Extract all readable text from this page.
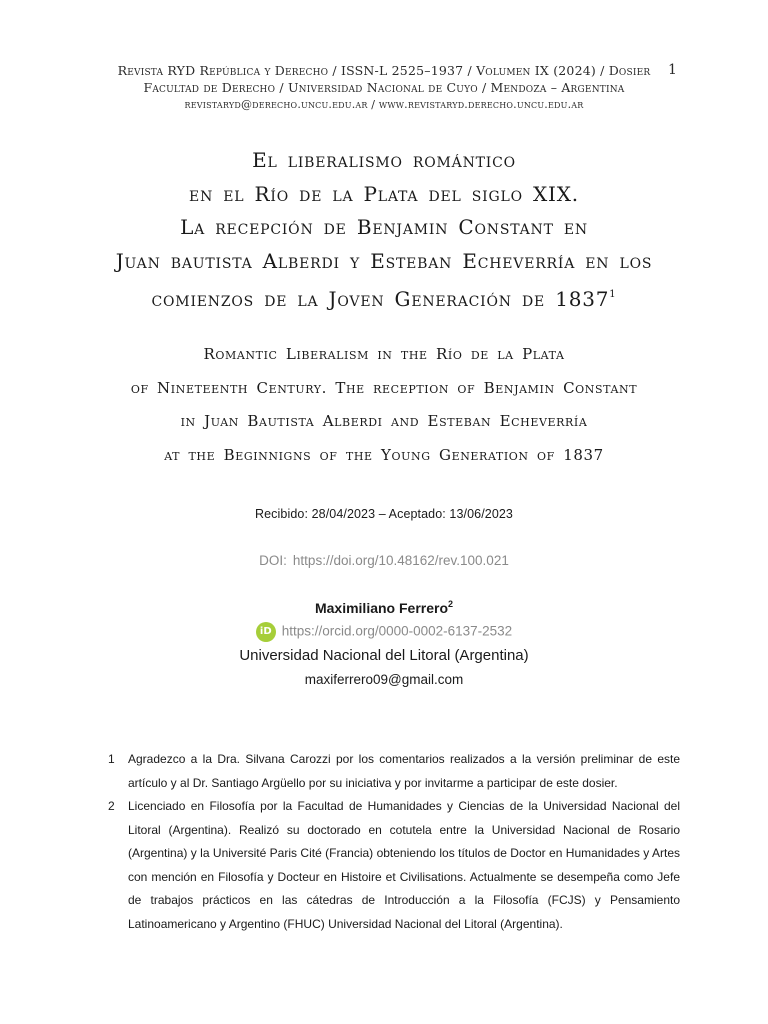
Revista RYD República y Derecho / ISSN-L 2525–1937 / Volumen IX (2024) / Dosier
Facultad de Derecho / Universidad Nacional de Cuyo / Mendoza – Argentina
revistaryd@derecho.uncu.edu.ar / www.revistaryd.derecho.uncu.edu.ar
1
El liberalismo romántico
en el Río de la Plata del siglo XIX.
La recepción de Benjamin Constant en
Juan bautista Alberdi y Esteban Echeverría en los
comienzos de la Joven Generación de 1837$^1$
Romantic Liberalism in the Río de la Plata
of Nineteenth Century. The reception of Benjamin Constant
in Juan Bautista Alberdi and Esteban Echeverría
at the Beginnigns of the Young Generation of 1837
Recibido: 28/04/2023 – Aceptado: 13/06/2023
DOI: https://doi.org/10.48162/rev.100.021
Maximiliano Ferrero$^2$
iD https://orcid.org/0000-0002-6137-2532
Universidad Nacional del Litoral (Argentina)
maxiferrero09@gmail.com
1 Agradezco a la Dra. Silvana Carozzi por los comentarios realizados a la versión preliminar de este artículo y al Dr. Santiago Argüello por su iniciativa y por invitarme a participar de este dosier.
2 Licenciado en Filosofía por la Facultad de Humanidades y Ciencias de la Universidad Nacional del Litoral (Argentina). Realizó su doctorado en cotutela entre la Universidad Nacional de Rosario (Argentina) y la Université Paris Cité (Francia) obteniendo los títulos de Doctor en Humanidades y Artes con mención en Filosofía y Docteur en Histoire et Civilisations. Actualmente se desempeña como Jefe de trabajos prácticos en las cátedras de Introducción a la Filosofía (FCJS) y Pensamiento Latinoamericano y Argentino (FHUC) Universidad Nacional del Litoral (Argentina).
